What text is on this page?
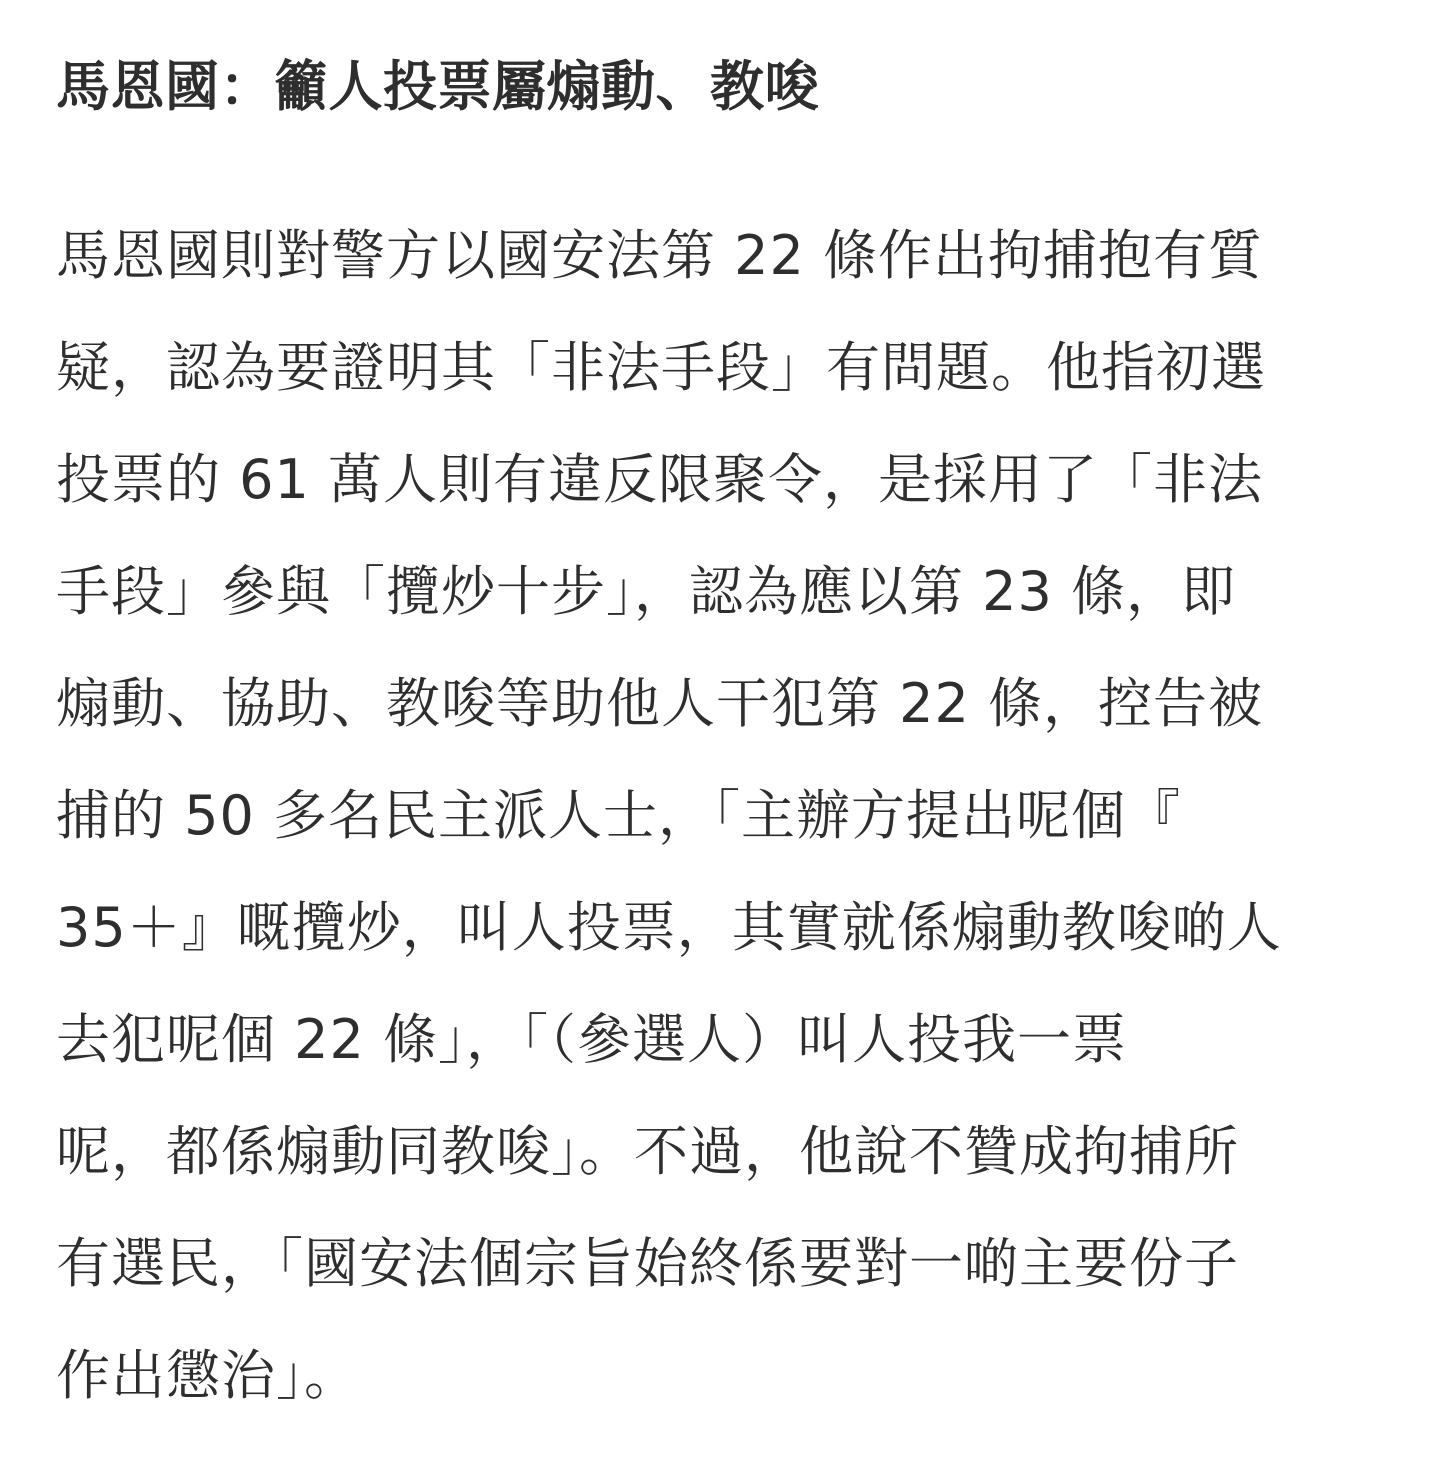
馬恩國：籲人投票屬煽動、教唆

馬恩國則對警方以國安法第 22 條作出拘捕抱有質
疑，認為要證明其「非法手段」有問題。他指初選
投票的 61 萬人則有違反限聚令，是採用了「非法
手段」參與「攬炒十步」，認為應以第 23 條，即
煽動、協助、教唆等助他人干犯第 22 條，控告被
捕的 50 多名民主派人士，「主辦方提出呢個『
35＋』嘅攬炒，叫人投票，其實就係煽動教唆啲人
去犯呢個 22 條」，「（參選人）叫人投我一票
呢，都係煽動同教唆」。不過，他說不贊成拘捕所
有選民，「國安法個宗旨始終係要對一啲主要份子
作出懲治」。
